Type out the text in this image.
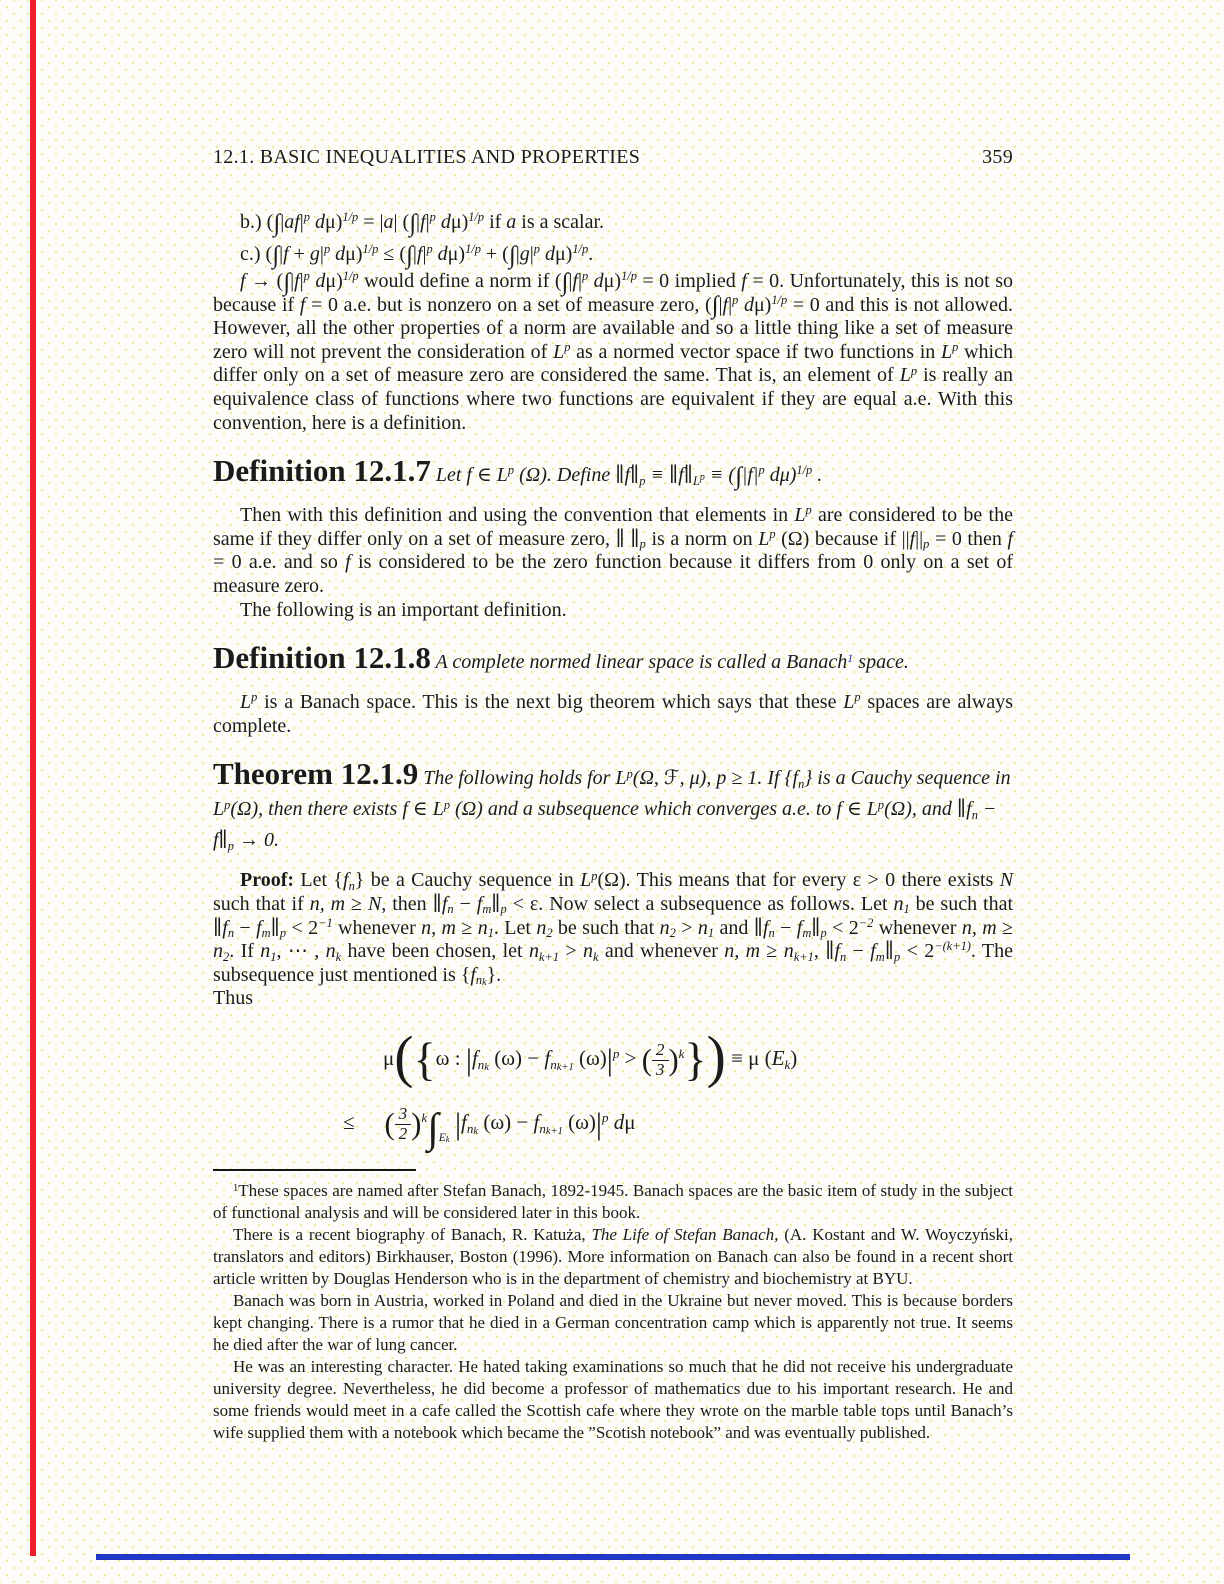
12.1. BASIC INEQUALITIES AND PROPERTIES	359

b.) ($\int|af|^p$ dμ)$^{1/p}$ = |a| ($\int|f|^p$ dμ)$^{1/p}$ if a is a scalar.

c.) ($\int|f + g|^p$ $d\mu)^{1/p} \le (\int|f|^p$ $d\mu)^{1/p} + (\int|g|^p$ dμ)$^{1/p}$.

$f \to (\int|f|^p$ dμ)$^{1/p}$ would define a norm if ($\int|f|^p$ dμ)$^{1/p}$ = 0 implied f = 0. Unfortunately, this is not so because if f = 0 a.e. but is nonzero on a set of measure zero, ($\int|f|^p$ dμ)$^{1/p}$ = 0 and this is not allowed. However, all the other properties of a norm are available and so a little thing like a set of measure zero will not prevent the consideration of $L^p$ as a normed vector space if two functions in $L^p$ which differ only on a set of measure zero are considered the same. That is, an element of $L^p$ is really an equivalence class of functions where two functions are equivalent if they are equal a.e. With this convention, here is a definition.

Definition 12.1.7 Let f ∈ $L^p$ (Ω). Define ∥f∥p ≡ ∥f∥Lp ≡ ($\int|f|^p$ dμ)$^{1/p}$ .

Then with this definition and using the convention that elements in $L^p$ are considered to be the same if they differ only on a set of measure zero, ∥ ∥p is a norm on $L^p$ (Ω) because if ||f||p = 0 then f = 0 a.e. and so f is considered to be the zero function because it differs from 0 only on a set of measure zero.

The following is an important definition.

Definition 12.1.8 A complete normed linear space is called a Banach$^1$ space.

$L^p$ is a Banach space. This is the next big theorem which says that these $L^p$ spaces are always complete.

Theorem 12.1.9 The following holds for $L^p(\Omega$, ℱ, μ), p ≥ 1. If {fn} is a Cauchy sequence in $L^p(\Omega)$, then there exists f ∈ $L^p$ (Ω) and a subsequence which converges a.e. to f ∈ $L^p(\Omega)$, and ∥fn − f∥p → 0.

Proof: Let {fn} be a Cauchy sequence in $L^p(\Omega)$. This means that for every ε > 0 there exists N such that if n, m ≥ N, then ∥fn − fm∥p < ε. Now select a subsequence as follows. Let n1 be such that ∥fn − fm∥p < $2^{-1}$ whenever n, m ≥ n1. Let n2 be such that n2 > n1 and ∥fn − fm∥p < $2^{-2}$ whenever n, m ≥ n2. If n1, ⋯ , nk have been chosen, let nk+1 > nk and whenever n, m ≥ nk+1, ∥fn − fm∥p < $2^{-(k+1)}$. The subsequence just mentioned is $\{fn_k\}$.

Thus

μ({ω : $|fn_k$ $(\omega) - fn_{k+1}$ $(\omega)|^p$ > ( $\frac{2}{3} )^k\}) \equiv \mu$ (Ek)
≤ ( $\frac{3}{2} )^k\int_{Ek}$ $|fn_k$ $(\omega) - fn_{k+1}$ $(\omega)|^p$ dμ

$^1$These spaces are named after Stefan Banach, 1892-1945. Banach spaces are the basic item of study in the subject of functional analysis and will be considered later in this book.

There is a recent biography of Banach, R. Katuża, The Life of Stefan Banach, (A. Kostant and W. Woyczyński, translators and editors) Birkhauser, Boston (1996). More information on Banach can also be found in a recent short article written by Douglas Henderson who is in the department of chemistry and biochemistry at BYU.

Banach was born in Austria, worked in Poland and died in the Ukraine but never moved. This is because borders kept changing. There is a rumor that he died in a German concentration camp which is apparently not true. It seems he died after the war of lung cancer.

He was an interesting character. He hated taking examinations so much that he did not receive his undergraduate university degree. Nevertheless, he did become a professor of mathematics due to his important research. He and some friends would meet in a cafe called the Scottish cafe where they wrote on the marble table tops until Banach’s wife supplied them with a notebook which became the ”Scotish notebook” and was eventually published.
